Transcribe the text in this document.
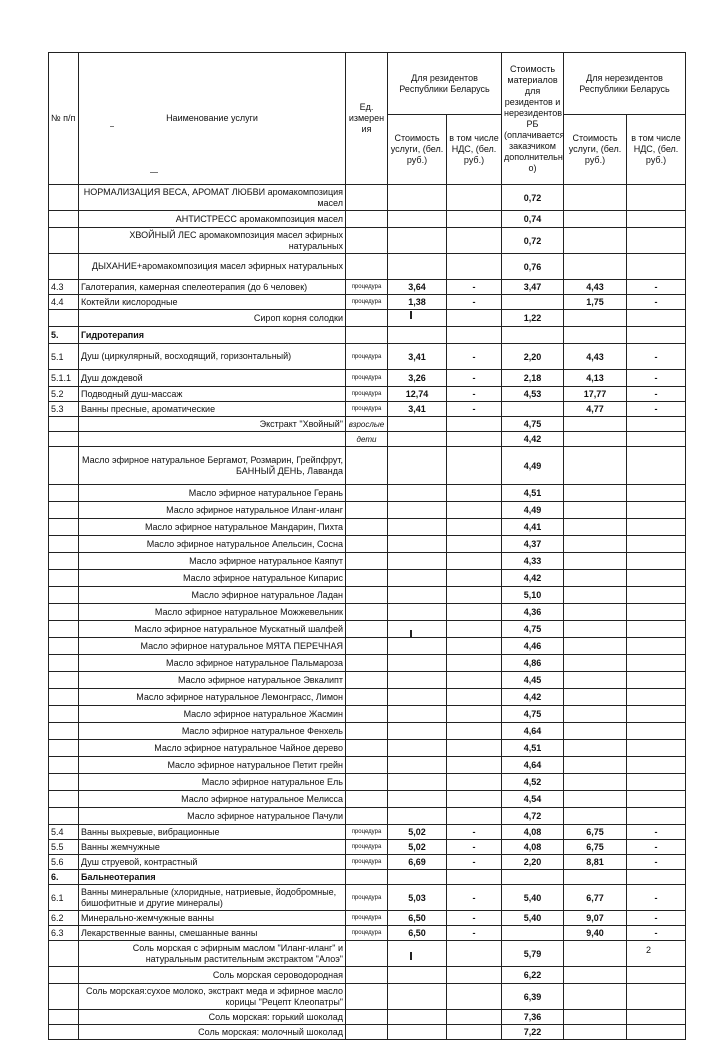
№ п/п	Наименование услуги	Ед. измерен ия	Для резидентов Республики Беларусь		Стоимость материалов для резидентов и нерезидентов РБ (оплачивается заказчиком дополнительн о)	Для нерезидентов Республики Беларусь	
			Стоимость услуги, (бел. руб.)	в том числе НДС, (бел. руб.)		Стоимость услуги, (бел. руб.)	в том числе НДС, (бел. руб.)
	НОРМАЛИЗАЦИЯ ВЕСА, АРОМАТ ЛЮБВИ аромакомпозиция масел				0,72		
	АНТИСТРЕСС аромакомпозиция масел				0,74		
	ХВОЙНЫЙ ЛЕС аромакомпозиция масел эфирных натуральных				0,72		
	ДЫХАНИЕ+аромакомпозиция масел эфирных натуральных				0,76		
4.3	Галотерапия, камерная спелеотерапия (до 6 человек)	процедура	3,64	-	3,47	4,43	-
4.4	Коктейли кислородные	процедура	1,38	-		1,75	-
	Сироп корня солодки				1,22		
5.	Гидротерапия						
5.1	Душ (циркулярный, восходящий, горизонтальный)	процедура	3,41	-	2,20	4,43	-
5.1.1	Душ дождевой	процедура	3,26	-	2,18	4,13	-
5.2	Подводный душ-массаж	процедура	12,74	-	4,53	17,77	-
5.3	Ванны пресные, ароматические	процедура	3,41	-		4,77	-
	Экстракт "Хвойный"	взрослые			4,75		
		дети			4,42		
	Масло эфирное натуральное Бергамот, Розмарин, Грейпфрут, БАННЫЙ ДЕНЬ, Лаванда				4,49		
	Масло эфирное натуральное Герань				4,51		
	Масло эфирное натуральное Иланг-иланг				4,49		
	Масло эфирное натуральное Мандарин, Пихта				4,41		
	Масло эфирное натуральное Апельсин, Сосна				4,37		
	Масло эфирное натуральное Каяпут				4,33		
	Масло эфирное натуральное Кипарис				4,42		
	Масло эфирное натуральное Ладан				5,10		
	Масло эфирное натуральное Можжевельник				4,36		
	Масло эфирное натуральное Мускатный шалфей				4,75		
	Масло эфирное натуральное МЯТА ПЕРЕЧНАЯ				4,46		
	Масло эфирное натуральное Пальмароза				4,86		
	Масло эфирное натуральное Эвкалипт				4,45		
	Масло эфирное натуральное Лемонграсс, Лимон				4,42		
	Масло эфирное натуральное Жасмин				4,75		
	Масло эфирное натуральное Фенхель				4,64		
	Масло эфирное натуральное Чайное дерево				4,51		
	Масло эфирное натуральное Петит грейн				4,64		
	Масло эфирное натуральное Ель				4,52		
	Масло эфирное натуральное Мелисса				4,54		
	Масло эфирное натуральное Пачули				4,72		
5.4	Ванны выхревые, вибрационные	процедура	5,02	-	4,08	6,75	-
5.5	Ванны жемчужные	процедура	5,02	-	4,08	6,75	-
5.6	Душ струевой, контрастный	процедура	6,69	-	2,20	8,81	-
6.	Бальнеотерапия						
6.1	Ванны минеральные (хлоридные, натриевые, йодобромные, бишофитные и другие минералы)	процедура	5,03	-	5,40	6,77	-
6.2	Минерально-жемчужные ванны	процедура	6,50	-	5,40	9,07	-
6.3	Лекарственные ванны, смешанные ванны	процедура	6,50	-		9,40	-
	Соль морская с эфирным маслом "Иланг-иланг" и натуральным растительным экстрактом "Алоэ"				5,79		
	Соль морская сероводородная				6,22		
	Соль морская:сухое молоко, экстракт меда и эфирное масло корицы "Рецепт Клеопатры"				6,39		
	Соль морская: горький шоколад				7,36		
	Соль морская: молочный шоколад				7,22		
2
